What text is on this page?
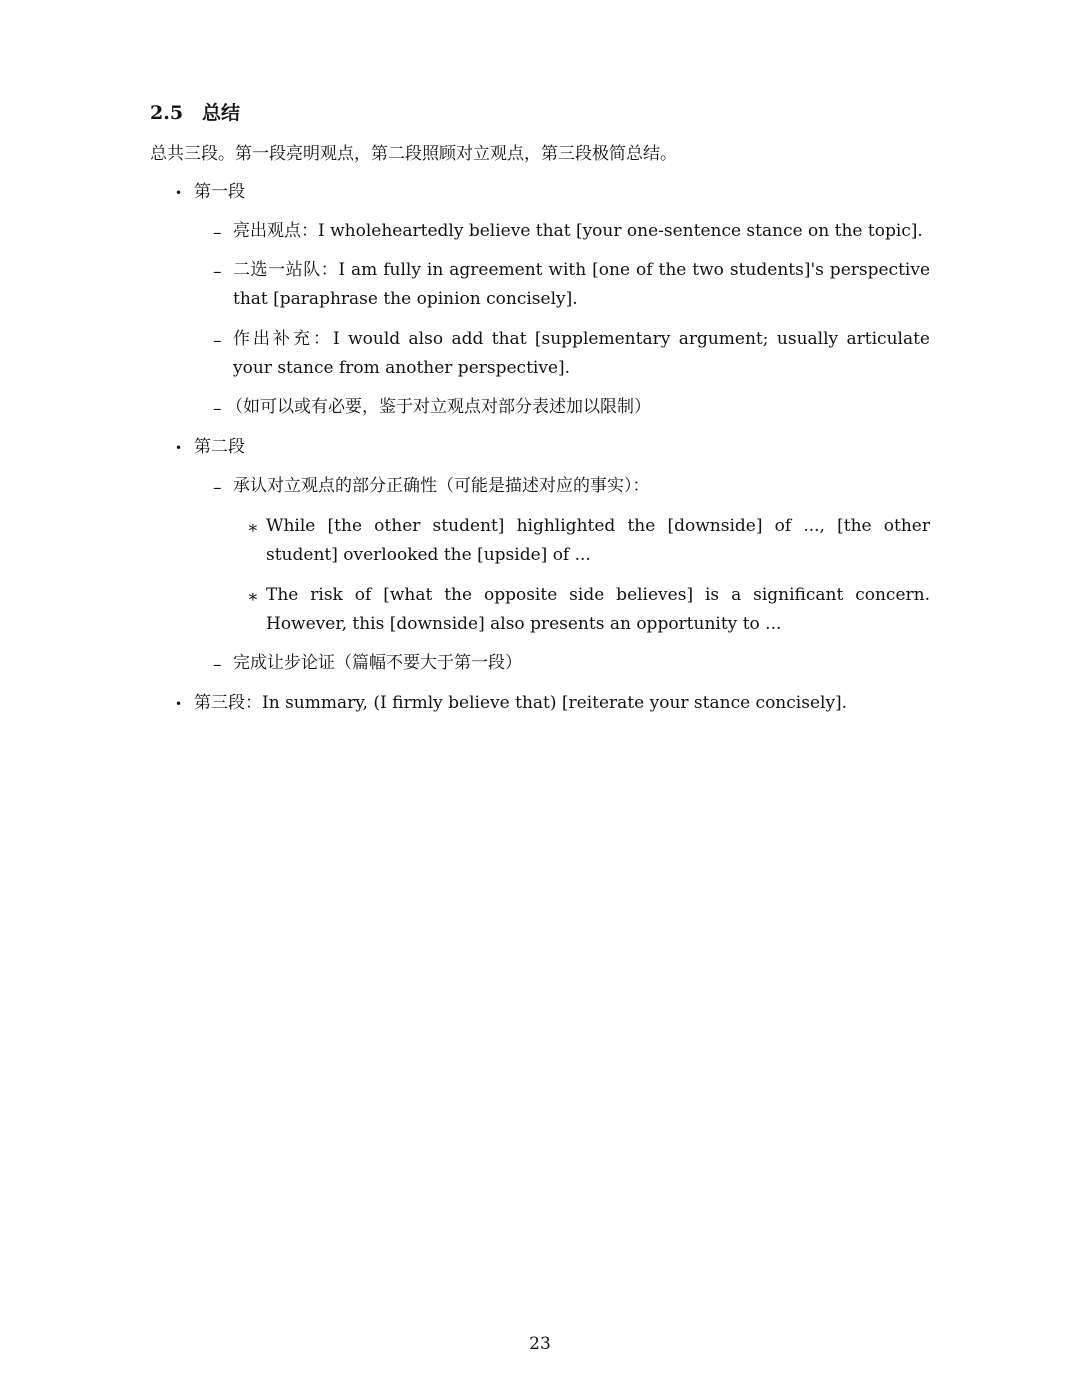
2.5 总结
总共三段。第一段亮明观点，第二段照顾对立观点，第三段极简总结。
• 第一段
– 亮出观点：I wholeheartedly believe that [your one-sentence stance on the topic].
– 二选一站队：I am fully in agreement with [one of the two students]'s perspective that [paraphrase the opinion concisely].
– 作出补充：I would also add that [supplementary argument; usually articulate your stance from another perspective].
– （如可以或有必要，鉴于对立观点对部分表述加以限制）
• 第二段
– 承认对立观点的部分正确性（可能是描述对应的事实）：
∗ While [the other student] highlighted the [downside] of ..., [the other student] overlooked the [upside] of ...
∗ The risk of [what the opposite side believes] is a significant concern. However, this [downside] also presents an opportunity to ...
– 完成让步论证（篇幅不要大于第一段）
• 第三段：In summary, (I firmly believe that) [reiterate your stance concisely].
23
